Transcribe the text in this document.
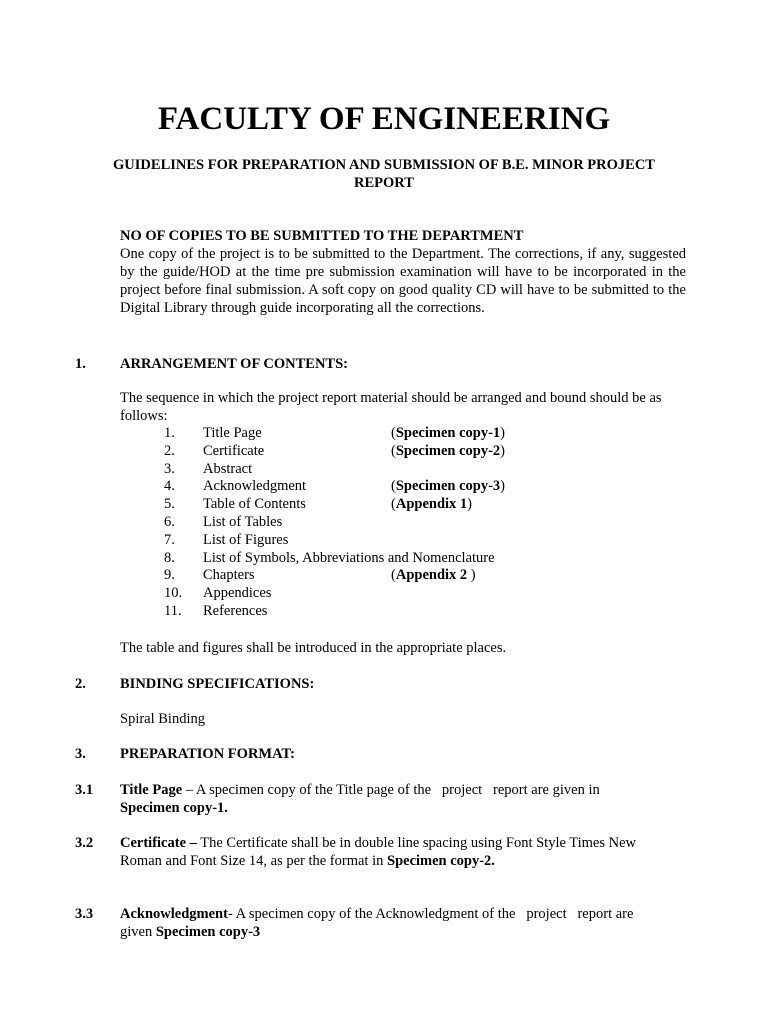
FACULTY OF ENGINEERING
GUIDELINES FOR PREPARATION AND SUBMISSION OF B.E. MINOR PROJECT REPORT
NO OF COPIES TO BE SUBMITTED TO THE DEPARTMENT
One copy of the project is to be submitted to the Department. The corrections, if any, suggested by the guide/HOD at the time pre submission examination will have to be incorporated in the project before final submission. A soft copy on good quality CD will have to be submitted to the Digital Library through guide incorporating all the corrections.
1. ARRANGEMENT OF CONTENTS:
The sequence in which the project report material should be arranged and bound should be as follows:
1. Title Page	(Specimen copy-1)
2. Certificate	(Specimen copy-2)
3. Abstract
4. Acknowledgment	(Specimen copy-3)
5. Table of Contents	(Appendix 1)
6. List of Tables
7. List of Figures
8. List of Symbols, Abbreviations and Nomenclature
9. Chapters	(Appendix 2 )
10. Appendices
11. References
The table and figures shall be introduced in the appropriate places.
2. BINDING SPECIFICATIONS:
Spiral Binding
3. PREPARATION FORMAT:
3.1 Title Page – A specimen copy of the Title page of the   project   report are given in
Specimen copy-1.
3.2 Certificate – The Certificate shall be in double line spacing using Font Style Times New
Roman and Font Size 14, as per the format in Specimen copy-2.
3.3 Acknowledgment- A specimen copy of the Acknowledgment of the   project   report are
given Specimen copy-3
